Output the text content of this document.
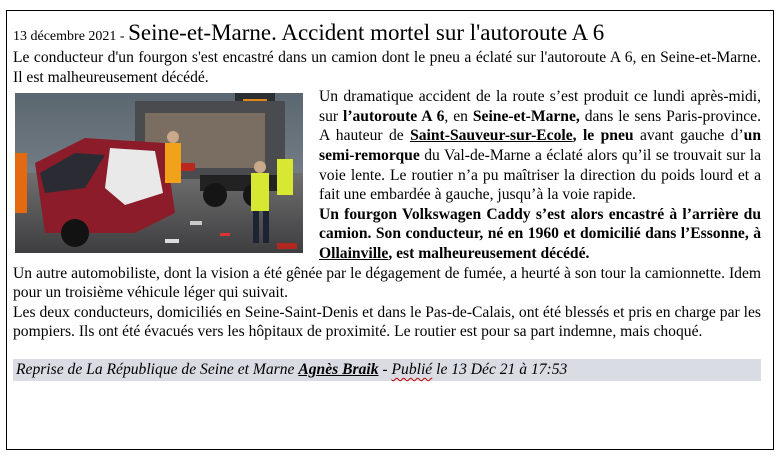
13 décembre 2021 - Seine-et-Marne. Accident mortel sur l'autoroute A 6

Le conducteur d'un fourgon s'est encastré dans un camion dont le pneu a éclaté sur l'autoroute A 6, en Seine-et-Marne. Il est malheureusement décédé.

Un dramatique accident de la route s’est produit ce lundi après-midi, sur l’autoroute A 6, en Seine-et-Marne, dans le sens Paris-province. A hauteur de Saint-Sauveur-sur-Ecole, le pneu avant gauche d’un semi-remorque du Val-de-Marne a éclaté alors qu’il se trouvait sur la voie lente. Le routier n’a pu maîtriser la direction du poids lourd et a fait une embardée à gauche, jusqu’à la voie rapide.

Un fourgon Volkswagen Caddy s’est alors encastré à l’arrière du camion. Son conducteur, né en 1960 et domicilié dans l’Essonne, à Ollainville, est malheureusement décédé.

Un autre automobiliste, dont la vision a été gênée par le dégagement de fumée, a heurté à son tour la camionnette. Idem pour un troisième véhicule léger qui suivait.

Les deux conducteurs, domiciliés en Seine-Saint-Denis et dans le Pas-de-Calais, ont été blessés et pris en charge par les pompiers. Ils ont été évacués vers les hôpitaux de proximité. Le routier est pour sa part indemne, mais choqué.

Reprise de La République de Seine et Marne Agnès Braik - Publié le 13 Déc 21 à 17:53
